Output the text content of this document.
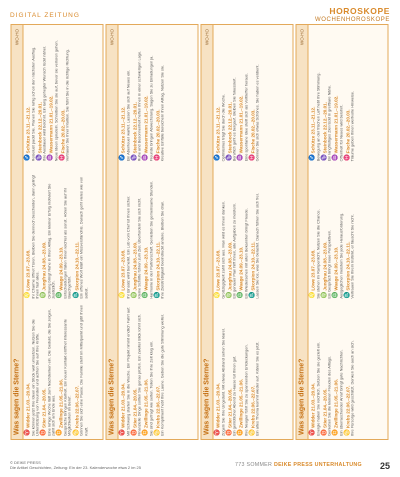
DIGITAL ZEITUNG	HOROSKOPE
WOCHENHOROSKOPE
Was sagen die Sterne?
WO-HO
♈
Widder 21.03.–20.04. Sie können jetzt Ihre Ideen ein Stück weit umsetzen. Nutzen Sie die Unterstützung von Freunden und achten Sie auf Ihre Kräfte. ♉
Stier 21.04.–20.05. Eine ruhige Woche lädt zum Nachdenken ein. Die Geduld, die Sie zeigen, zahlt sich am Ende aus. ♊
Zwillinge 21.05.–21.06. Gespräche bringen Klarheit. Ein neuer Kontakt eröffnet interessante Möglichkeiten im Beruf. ♋
Krebs 22.06.–22.07. Gönnen Sie sich eine Pause. Die Familie steht im Mittelpunkt und gibt Ihnen Kraft.
♌
Löwe 23.07.–23.08. Ihr Charme öffnet Türen. Bleiben Sie dennoch bescheiden, dann gelingt Ihnen fast alles. ♍
Jungfrau 24.08.–23.09. Ordnung bringt Ruhe in Ihren Alltag. Ein kleiner Erfolg motiviert Sie zusätzlich. ♎
Waage 24.09.–23.10. Entscheidungen fallen Ihnen leichter als sonst. Hören Sie auf Ihr Bauchgefühl. ♏
Skorpion 24.10.–22.11. Ein offenes Wort klärt ein Missverständnis. Danach geht vieles wie von selbst.
♐
Schütze 23.11.–21.12. Reiselust packt Sie. Planen Sie ruhig schon den nächsten Ausflug. ♑
Steinbock 22.12.–20.01. Ihre Ausdauer wird belohnt. Ein lang gehegter Wunsch rückt näher. ♒
Wassermann 21.01.–19.02. Neue Ideen sprudeln. Schreiben Sie sie auf, bevor sie verloren gehen. ♓
Fische 20.02.–20.03. Vertrauen Sie Ihrer Intuition. Sie führt Sie in die richtige Richtung.
Was sagen die Sterne?
WO-HO
♈
Widder 21.03.–20.04. Mit Schwung starten Sie in die Woche. Ein Projekt nimmt endlich Fahrt auf. ♉
Stier 21.04.–20.05. Finanzielle Dinge sollten Sie genau prüfen. Ein zweiter Blick lohnt sich. ♊
Zwillinge 21.05.–21.06. Sie sind gefragt wie selten. Teilen Sie Ihre Zeit klug ein. ♋
Krebs 22.06.–22.07. Ein Kompliment hebt Ihre Laune. Geben Sie die gute Stimmung weiter.
♌
Löwe 23.07.–23.08. Ihr Einsatz wird bemerkt. Ein Lob vom Chef ist Ihnen sicher. ♍
Jungfrau 24.08.–23.09. Kleine Schritte führen zum Ziel. Überfordern Sie sich nicht. ♎
Waage 24.09.–23.10. Harmonie in der Partnerschaft. Genießen Sie gemeinsame Stunden. ♏
Skorpion 24.10.–22.11. Ihre Zielstrebigkeit beeindruckt andere. Bleiben Sie dran.
♐
Schütze 23.11.–21.12. Ein Abenteuer wartet. Lassen Sie sich auf Neues ein. ♑
Steinbock 22.12.–20.01. Ruhe und Besonnenheit helfen Ihnen in einer schwierigen Lage. ♒
Wassermann 21.01.–19.02. Freunde bringen Abwechslung. Sagen Sie zu Einladungen ja. ♓
Fische 20.02.–20.03. Kreative Einfälle bereichern Ihren Alltag. Nutzen Sie sie.
Was sagen die Sterne?
WO-HO
♈
Widder 21.03.–20.04. Zügeln Sie Ihre Ungeduld. Mit etwas Abstand sehen Sie klarer. ♉
Stier 21.04.–20.05. Ein gemütlicher Abend zu Hause tut Ihnen gut. ♊
Zwillinge 21.05.–21.06. Ihre Neugier führt Sie zu spannenden Entdeckungen. ♋
Krebs 22.06.–22.07. Ein altes Thema kommt wieder auf. Klären Sie es jetzt.
♌
Löwe 23.07.–23.08. Großzügigkeit zahlt sich aus. Man wird es Ihnen danken. ♍
Jungfrau 24.08.–23.09. Ein genauer Plan hilft Ihnen, alle Aufgaben zu meistern. ♎
Waage 24.09.–23.10. Ein Wiedersehen mit alten Bekannten bringt Freude. ♏
Skorpion 24.10.–22.11. Lassen Sie los, was Sie belastet. Danach fühlen Sie sich frei.
♐
Schütze 23.11.–21.12. Optimismus trägt Sie durch die Woche. ♑
Steinbock 22.12.–20.01. Beruflich geht es bergauf. Bleiben Sie fokussiert. ♒
Wassermann 21.01.–19.02. Eine spontane Idee stellt sich als Volltreffer heraus. ♓
Fische 20.02.–20.03. Gönnen Sie sich etwas Schönes. Sie haben es verdient.
Was sagen die Sterne?
WO-HO
♈
Widder 21.03.–20.04. Energie haben Sie reichlich. Setzen Sie sie gezielt ein. ♉
Stier 21.04.–20.05. Genießen Sie die kleinen Freuden des Alltags. ♊
Zwillinge 21.05.–21.06. Ein überraschender Anruf bringt gute Nachrichten. ♋
Krebs 22.06.–22.07. Ihre Fürsorge wird geschätzt. Denken Sie auch an sich.
♌
Löwe 23.07.–23.08. Sie stehen im Rampenlicht. Nutzen Sie die Chance. ♍
Jungfrau 24.08.–23.09. Ein Gespräch bringt neue Perspektiven. ♎
Waage 24.09.–23.10. Ausgeglichen meistern Sie jede Herausforderung. ♏
Skorpion 24.10.–22.11. Vertrauen Sie Ihrem Instinkt, er täuscht Sie nicht.
♐
Schütze 23.11.–21.12. Bewegung an der frischen Luft hebt Ihre Stimmung. ♑
Steinbock 22.12.–20.01. Ein langfristiges Ziel rückt in greifbare Nähe. ♒
Wassermann 21.01.–19.02. Offenheit für Neues wird belohnt. ♓
Fische 20.02.–20.03. Träume geben Ihnen wertvolle Hinweise.
© DEIKE PRESS
Die Artikel Geschichten, Zeitung: Ein der 23. Kalenderwoche etwa 2 im 25	773 SOMMER DEIKE PRESS UNTERHALTUNG 25
